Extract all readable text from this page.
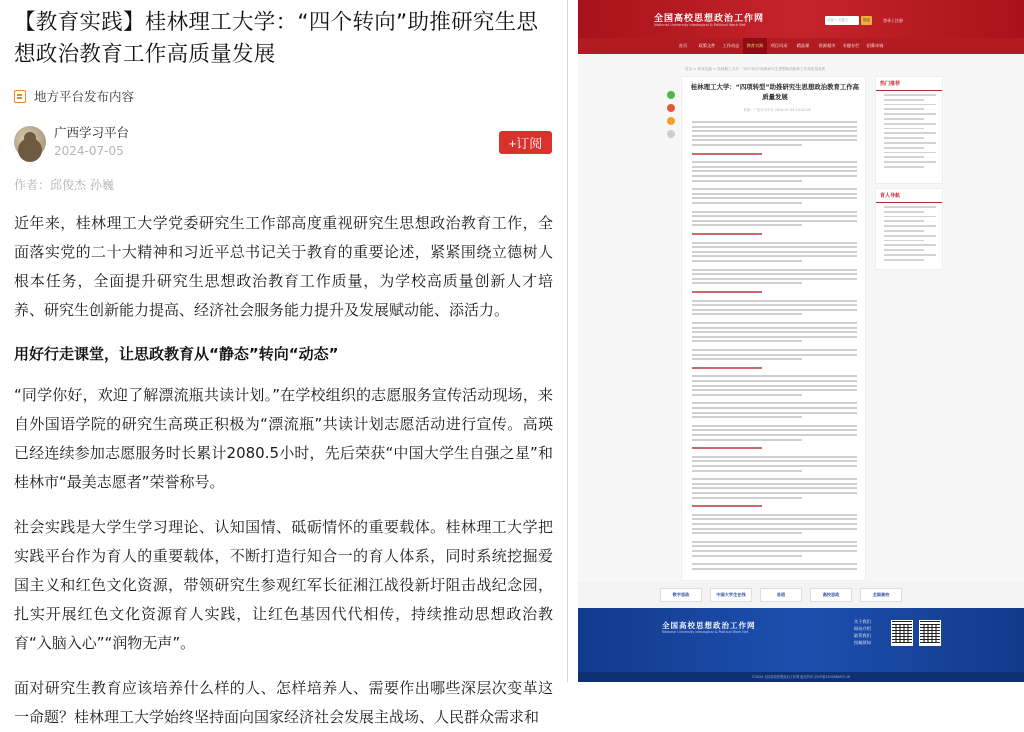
【教育实践】桂林理工大学：“四个转向”助推研究生思想政治教育工作高质量发展
地方平台发布内容
广西学习平台
2024-07-05
+订阅
作者：邱俊杰 孙巍

近年来，桂林理工大学党委研究生工作部高度重视研究生思想政治教育工作，全面落实党的二十大精神和习近平总书记关于教育的重要论述，紧紧围绕立德树人根本任务，全面提升研究生思想政治教育工作质量，为学校高质量创新人才培养、研究生创新能力提高、经济社会服务能力提升及发展赋动能、添活力。

用好行走课堂，让思政教育从“静态”转向“动态”

“同学你好，欢迎了解漂流瓶共读计划。”在学校组织的志愿服务宣传活动现场，来自外国语学院的研究生高瑛正积极为“漂流瓶”共读计划志愿活动进行宣传。高瑛已经连续参加志愿服务时长累计2080.5小时，先后荣获“中国大学生自强之星”和桂林市“最美志愿者”荣誉称号。

社会实践是大学生学习理论、认知国情、砥砺情怀的重要载体。桂林理工大学把实践平台作为育人的重要载体，不断打造行知合一的育人体系，同时系统挖掘爱国主义和红色文化资源，带领研究生参观红军长征湘江战役新圩阻击战纪念园，扎实开展红色文化资源育人实践，让红色基因代代相传，持续推动思想政治教育“入脑入心”“润物无声”。

面对研究生教育应该培养什么样的人、怎样培养人、需要作出哪些深层次变革这一命题？桂林理工大学始终坚持面向国家经济社会发展主战场、人民群众需求和

全国高校思想政治工作网
National University Ideological & Political Work Net
请输入关键字	搜索	登录 | 注册
首页	政策文件	工作动态	教育实践	项目风采	精品课	资源超市	专题专栏	招募申请
首页 > 教育实践 > 桂林理工大学：“四个转向”助推研究生思想政治教育工作高质量发展
桂林理工大学：“四项转型”助推研究生思想政治教育工作高质量发展
来源：广西学习平台 2024-07-05 10:22:00
热门推荐
育人导航
数字思政	中国大学生在线	易班	高校思政	全国高校
全国高校思想政治工作网
National University Ideological & Political Work Net
关于我们
网站介绍
联系我们
投稿须知
©2024 全国高校思想政治工作网 版权所有 京ICP备12003695号-16
